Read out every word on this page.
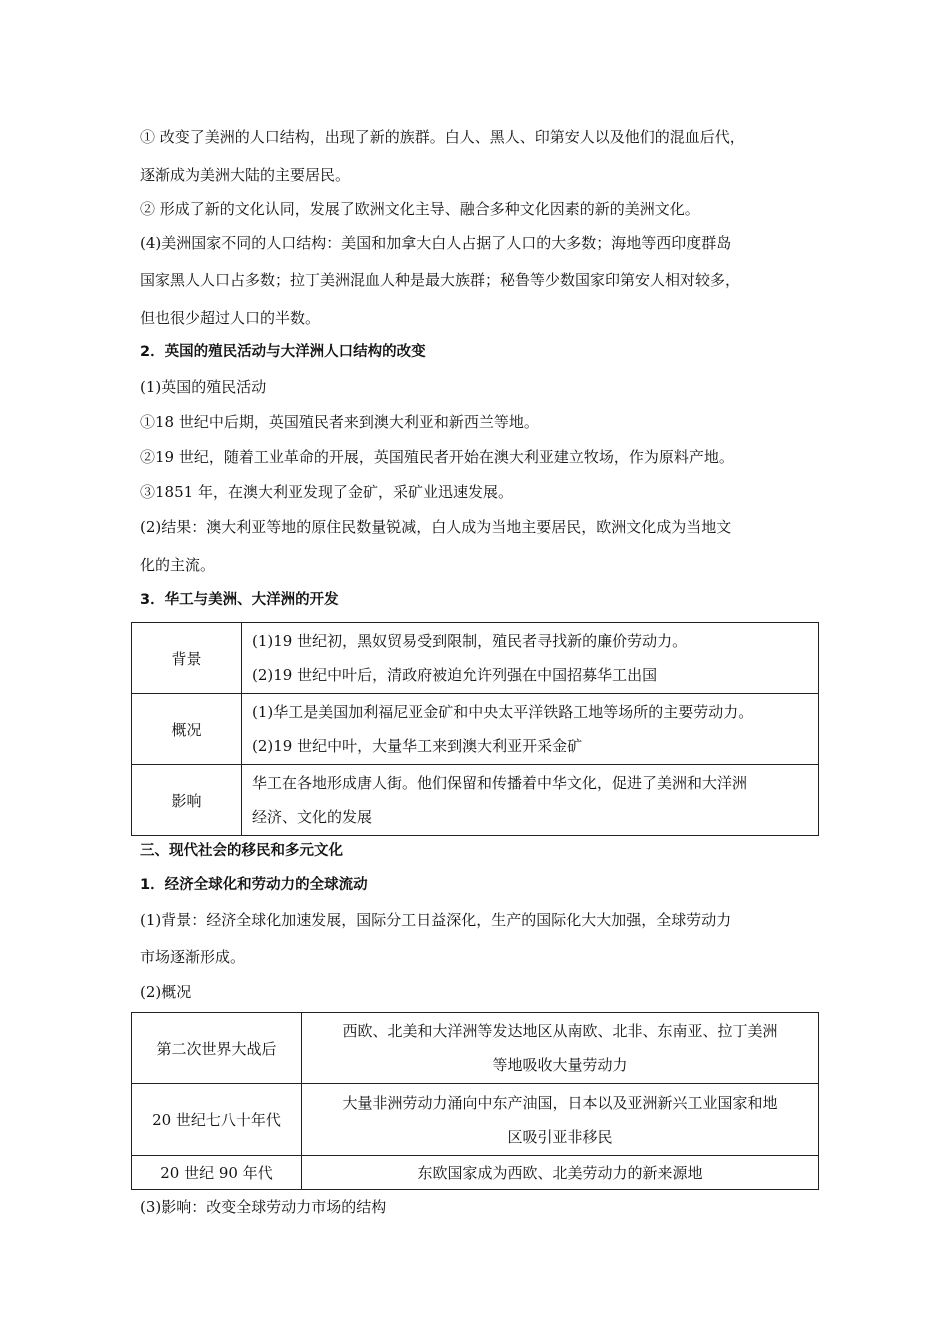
① 改变了美洲的人口结构，出现了新的族群。白人、黑人、印第安人以及他们的混血后代，
逐渐成为美洲大陆的主要居民。
② 形成了新的文化认同，发展了欧洲文化主导、融合多种文化因素的新的美洲文化。
(4)美洲国家不同的人口结构：美国和加拿大白人占据了人口的大多数；海地等西印度群岛
国家黑人人口占多数；拉丁美洲混血人种是最大族群；秘鲁等少数国家印第安人相对较多，
但也很少超过人口的半数。
2．英国的殖民活动与大洋洲人口结构的改变
(1)英国的殖民活动
①18 世纪中后期，英国殖民者来到澳大利亚和新西兰等地。
②19 世纪，随着工业革命的开展，英国殖民者开始在澳大利亚建立牧场，作为原料产地。
③1851 年，在澳大利亚发现了金矿，采矿业迅速发展。
(2)结果：澳大利亚等地的原住民数量锐减，白人成为当地主要居民，欧洲文化成为当地文
化的主流。
3．华工与美洲、大洋洲的开发
背景	(1)19 世纪初，黑奴贸易受到限制，殖民者寻找新的廉价劳动力。
(2)19 世纪中叶后，清政府被迫允许列强在中国招募华工出国

概况	(1)华工是美国加利福尼亚金矿和中央太平洋铁路工地等场所的主要劳动力。
(2)19 世纪中叶，大量华工来到澳大利亚开采金矿

影响	华工在各地形成唐人街。他们保留和传播着中华文化，促进了美洲和大洋洲
经济、文化的发展
三、现代社会的移民和多元文化
1．经济全球化和劳动力的全球流动
(1)背景：经济全球化加速发展，国际分工日益深化，生产的国际化大大加强，全球劳动力
市场逐渐形成。
(2)概况
第二次世界大战后	西欧、北美和大洋洲等发达地区从南欧、北非、东南亚、拉丁美洲
等地吸收大量劳动力

20 世纪七八十年代	大量非洲劳动力涌向中东产油国，日本以及亚洲新兴工业国家和地
区吸引亚非移民

20 世纪 90 年代	东欧国家成为西欧、北美劳动力的新来源地
(3)影响：改变全球劳动力市场的结构
